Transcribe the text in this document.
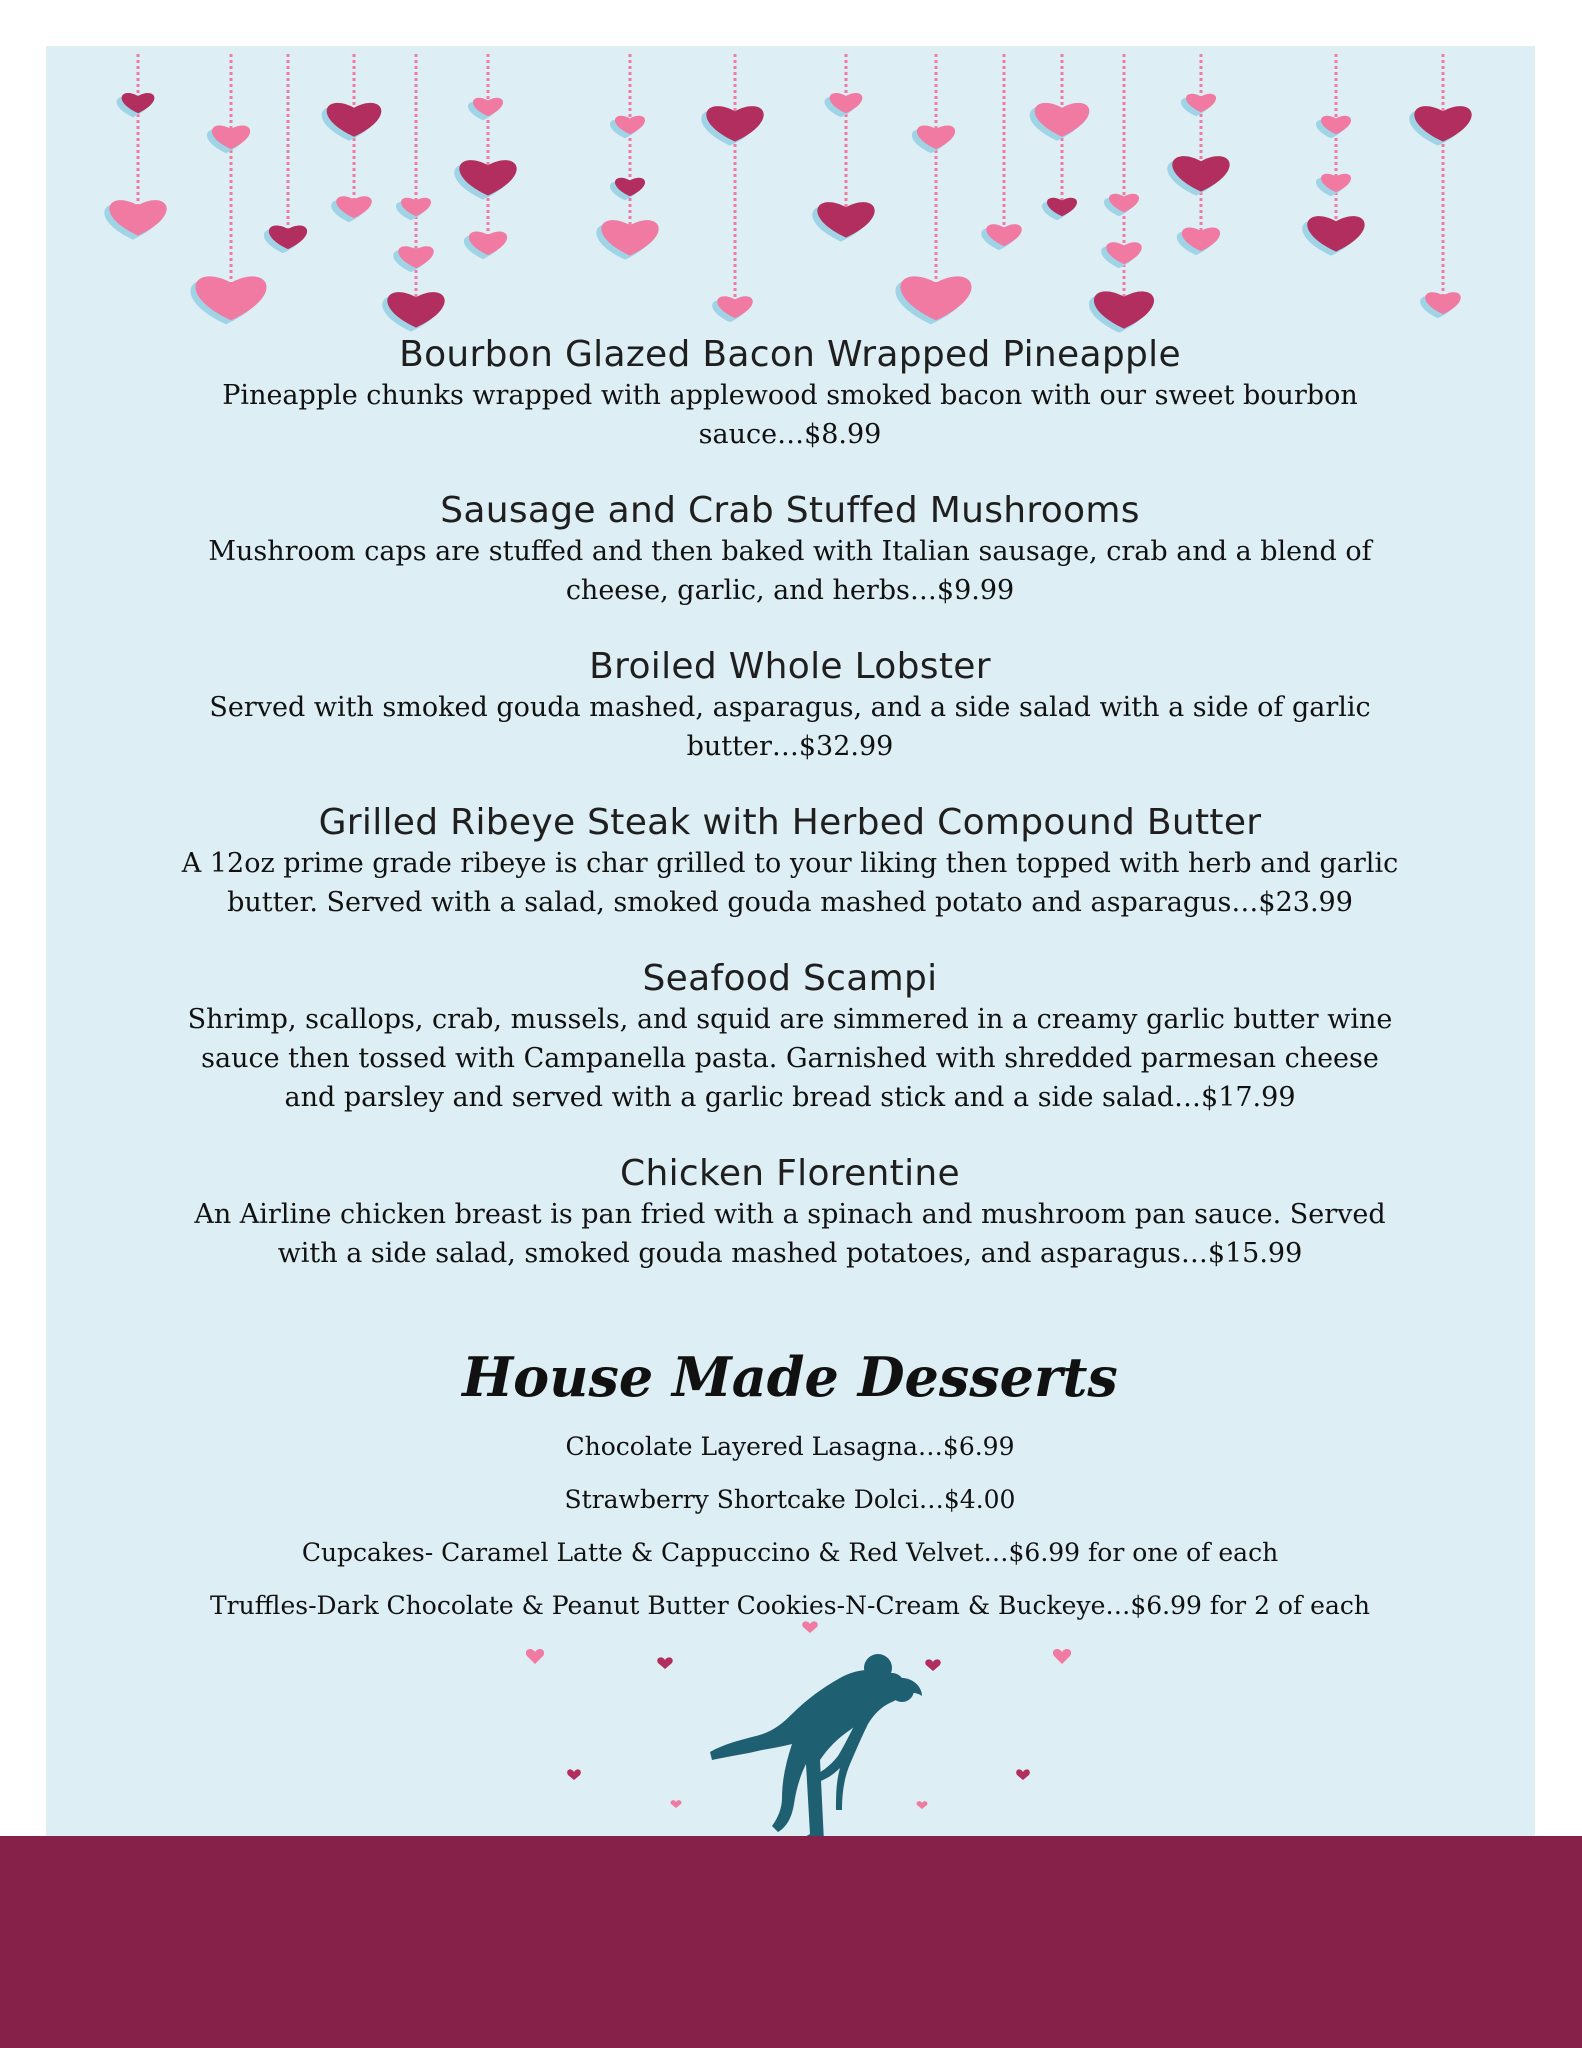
Bourbon Glazed Bacon Wrapped Pineapple
Pineapple chunks wrapped with applewood smoked bacon with our sweet bourbon sauce…$8.99
Sausage and Crab Stuffed Mushrooms
Mushroom caps are stuffed and then baked with Italian sausage, crab and a blend of cheese, garlic, and herbs…$9.99
Broiled Whole Lobster
Served with smoked gouda mashed, asparagus, and a side salad with a side of garlic butter…$32.99
Grilled Ribeye Steak with Herbed Compound Butter
A 12oz prime grade ribeye is char grilled to your liking then topped with herb and garlic butter. Served with a salad, smoked gouda mashed potato and asparagus…$23.99
Seafood Scampi
Shrimp, scallops, crab, mussels, and squid are simmered in a creamy garlic butter wine sauce then tossed with Campanella pasta. Garnished with shredded parmesan cheese and parsley and served with a garlic bread stick and a side salad…$17.99
Chicken Florentine
An Airline chicken breast is pan fried with a spinach and mushroom pan sauce. Served with a side salad, smoked gouda mashed potatoes, and asparagus…$15.99
House Made Desserts
Chocolate Layered Lasagna…$6.99
Strawberry Shortcake Dolci…$4.00
Cupcakes- Caramel Latte & Cappuccino & Red Velvet…$6.99 for one of each
Truffles-Dark Chocolate & Peanut Butter Cookies-N-Cream & Buckeye…$6.99 for 2 of each
